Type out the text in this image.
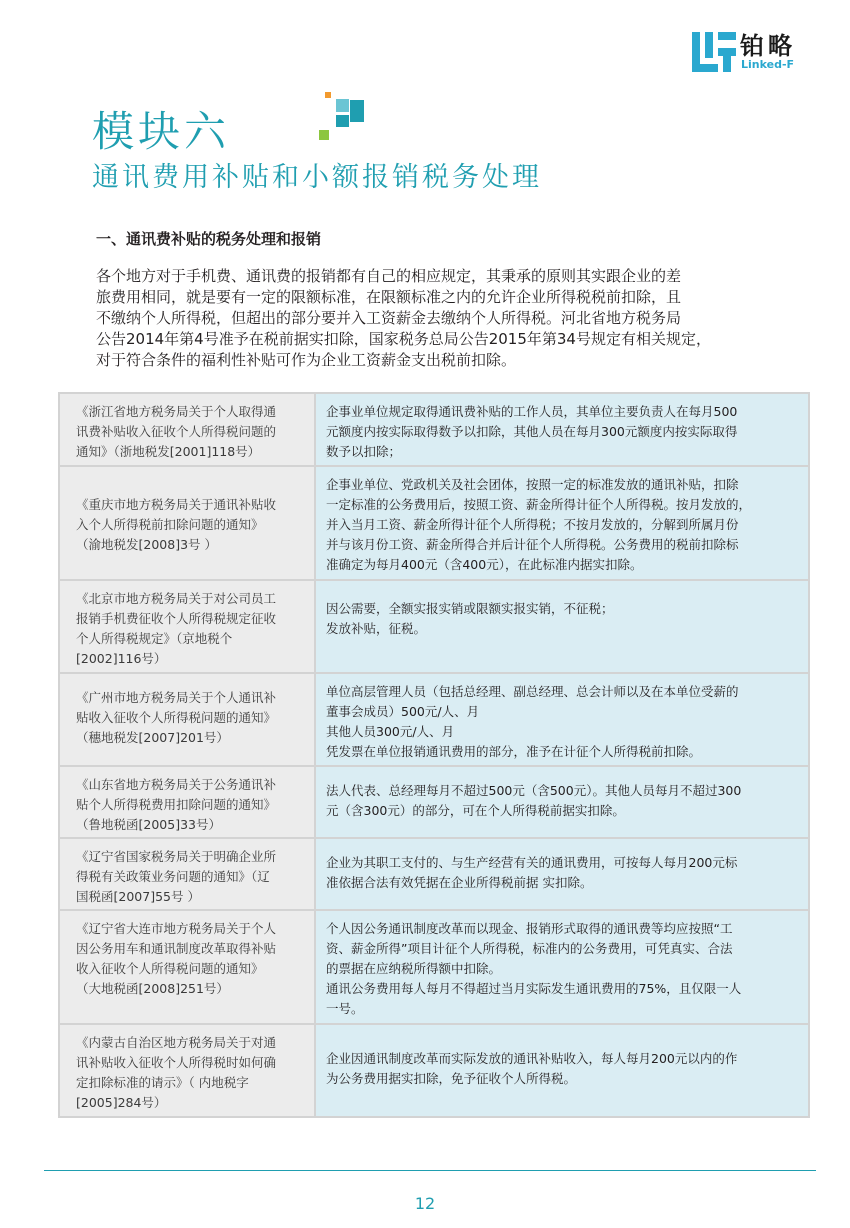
铂略
Linked-F
模块六
通讯费用补贴和小额报销税务处理
一、通讯费补贴的税务处理和报销

各个地方对于手机费、通讯费的报销都有自己的相应规定，其秉承的原则其实跟企业的差
旅费用相同，就是要有一定的限额标准，在限额标准之内的允许企业所得税税前扣除，且
不缴纳个人所得税，但超出的部分要并入工资薪金去缴纳个人所得税。河北省地方税务局
公告2014年第4号准予在税前据实扣除，国家税务总局公告2015年第34号规定有相关规定，
对于符合条件的福利性补贴可作为企业工资薪金支出税前扣除。

《浙江省地方税务局关于个人取得通
讯费补贴收入征收个人所得税问题的
通知》（浙地税发[2001]118号）	企事业单位规定取得通讯费补贴的工作人员，其单位主要负责人在每月500
元额度内按实际取得数予以扣除，其他人员在每月300元额度内按实际取得
数予以扣除；

《重庆市地方税务局关于通讯补贴收
入个人所得税前扣除问题的通知》
（渝地税发[2008]3号 ）	企事业单位、党政机关及社会团体，按照一定的标准发放的通讯补贴，扣除
一定标准的公务费用后，按照工资、薪金所得计征个人所得税。按月发放的，
并入当月工资、薪金所得计征个人所得税；不按月发放的，分解到所属月份
并与该月份工资、薪金所得合并后计征个人所得税。公务费用的税前扣除标
准确定为每月400元（含400元），在此标准内据实扣除。

《北京市地方税务局关于对公司员工
报销手机费征收个人所得税规定征收
个人所得税规定》（京地税个
[2002]116号）	因公需要，全额实报实销或限额实报实销，不征税；
发放补贴，征税。

《广州市地方税务局关于个人通讯补
贴收入征收个人所得税问题的通知》
（穗地税发[2007]201号）	单位高层管理人员（包括总经理、副总经理、总会计师以及在本单位受薪的
董事会成员）500元/人、月
其他人员300元/人、月
凭发票在单位报销通讯费用的部分，准予在计征个人所得税前扣除。

《山东省地方税务局关于公务通讯补
贴个人所得税费用扣除问题的通知》
（鲁地税函[2005]33号）	法人代表、总经理每月不超过500元（含500元）。其他人员每月不超过300
元（含300元）的部分，可在个人所得税前据实扣除。

《辽宁省国家税务局关于明确企业所
得税有关政策业务问题的通知》（辽
国税函[2007]55号 ）	企业为其职工支付的、与生产经营有关的通讯费用，可按每人每月200元标
准依据合法有效凭据在企业所得税前据 实扣除。

《辽宁省大连市地方税务局关于个人
因公务用车和通讯制度改革取得补贴
收入征收个人所得税问题的通知》
（大地税函[2008]251号）	个人因公务通讯制度改革而以现金、报销形式取得的通讯费等均应按照“工
资、薪金所得”项目计征个人所得税，标准内的公务费用，可凭真实、合法
的票据在应纳税所得额中扣除。
通讯公务费用每人每月不得超过当月实际发生通讯费用的75%，且仅限一人
一号。

《内蒙古自治区地方税务局关于对通
讯补贴收入征收个人所得税时如何确
定扣除标准的请示》（ 内地税字
[2005]284号）	企业因通讯制度改革而实际发放的通讯补贴收入，每人每月200元以内的作
为公务费用据实扣除，免予征收个人所得税。
12
